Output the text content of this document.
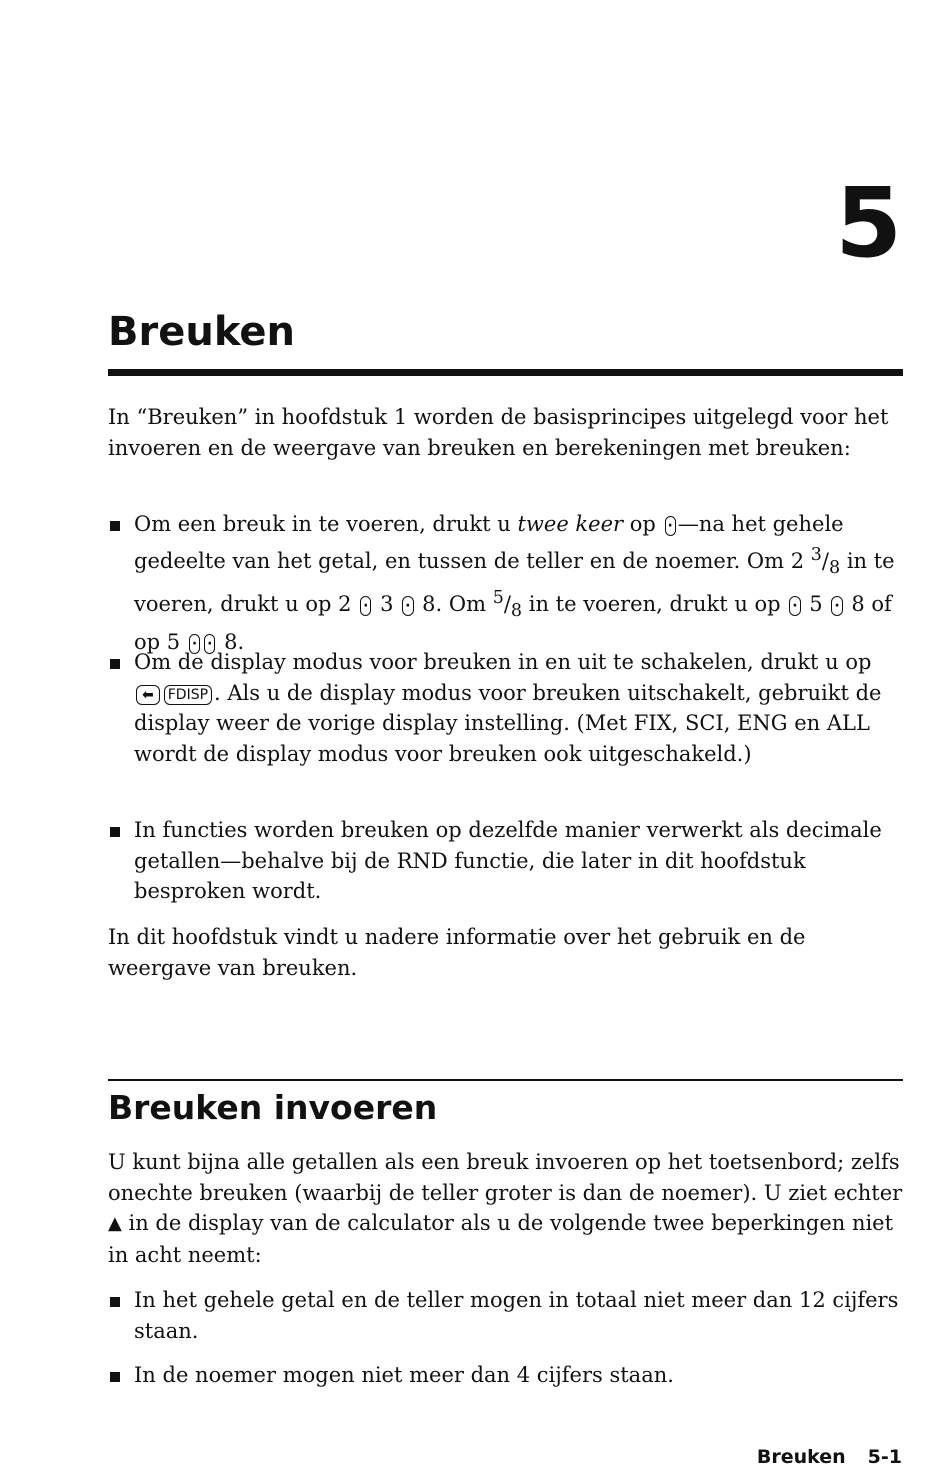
5
Breuken

In “Breuken” in hoofdstuk 1 worden de basisprincipes uitgelegd voor het invoeren en de weergave van breuken en berekeningen met breuken:

Om een breuk in te voeren, drukt u twee keer op · —na het gehele gedeelte van het getal, en tussen de teller en de noemer. Om 2 $^3/_8$ in te voeren, drukt u op 2 · 3 · 8. Om $^5/_8$ in te voeren, drukt u op · 5 · 8 of op 5 · · 8.
Om de display modus voor breuken in en uit te schakelen, drukt u op ⬅ FDISP . Als u de display modus voor breuken uitschakelt, gebruikt de display weer de vorige display instelling. (Met FIX, SCI, ENG en ALL wordt de display modus voor breuken ook uitgeschakeld.)
In functies worden breuken op dezelfde manier verwerkt als decimale getallen—behalve bij de RND functie, die later in dit hoofdstuk besproken wordt.

In dit hoofdstuk vindt u nadere informatie over het gebruik en de weergave van breuken.

Breuken invoeren

U kunt bijna alle getallen als een breuk invoeren op het toetsenbord; zelfs onechte breuken (waarbij de teller groter is dan de noemer). U ziet echter ▲ in de display van de calculator als u de volgende twee beperkingen niet in acht neemt:

In het gehele getal en de teller mogen in totaal niet meer dan 12 cijfers staan.
In de noemer mogen niet meer dan 4 cijfers staan.
Breuken 5-1
